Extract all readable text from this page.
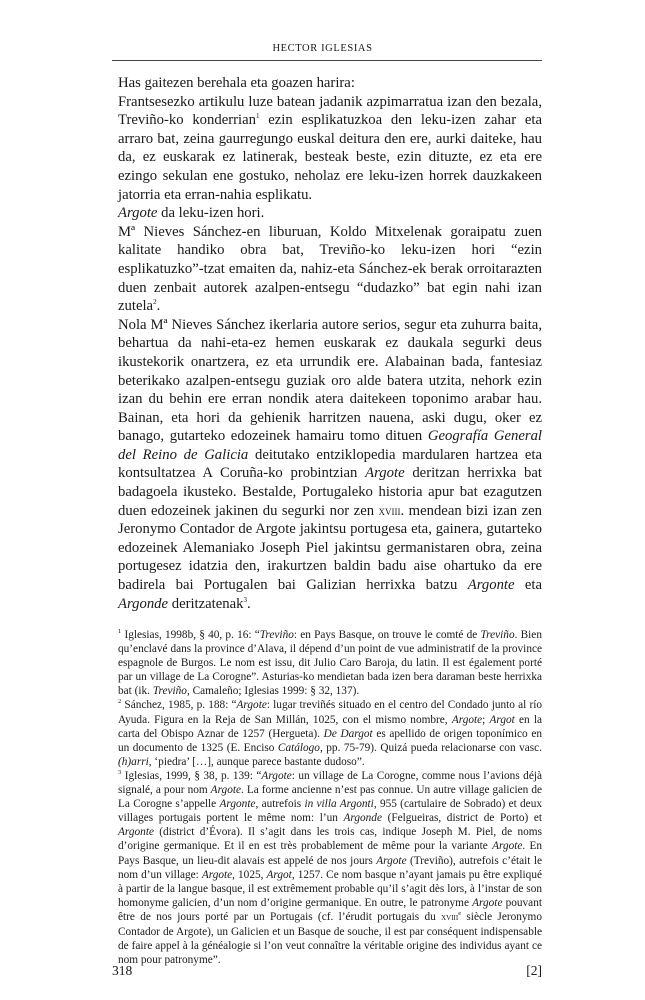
HECTOR IGLESIAS

Has gaitezen berehala eta goazen harira:

Frantsesezko artikulu luze batean jadanik azpimarratua izan den bezala, Treviño-ko konderrian$^1$ ezin esplikatuzkoa den leku-izen zahar eta arraro bat, zeina gaurregungo euskal deitura den ere, aurki daiteke, hau da, ez euskarak ez latinerak, besteak beste, ezin dituzte, ez eta ere ezingo sekulan ene gostuko, neholaz ere leku-izen horrek dauzkakeen jatorria eta erran-nahia esplikatu.

Argote da leku-izen hori.

Mª Nieves Sánchez-en liburuan, Koldo Mitxelenak goraipatu zuen kalitate handiko obra bat, Treviño-ko leku-izen hori “ezin esplikatuzko”-tzat emaiten da, nahiz-eta Sánchez-ek berak orroitarazten duen zenbait autorek azalpen-entsegu “dudazko” bat egin nahi izan zutela$^2$.

Nola Mª Nieves Sánchez ikerlaria autore serios, segur eta zuhurra baita, behartua da nahi-eta-ez hemen euskarak ez daukala segurki deus ikustekorik onartzera, ez eta urrundik ere. Alabainan bada, fantesiaz beterikako azalpen-entsegu guziak oro alde batera utzita, nehork ezin izan du behin ere erran nondik atera daitekeen toponimo arabar hau. Bainan, eta hori da gehienik harritzen nauena, aski dugu, oker ez banago, gutarteko edozeinek hamairu tomo dituen Geografía General del Reino de Galicia deitutako entziklopedia mardularen hartzea eta kontsultatzea A Coruña-ko probintzian Argote deritzan herrixka bat badagoela ikusteko. Bestalde, Portugaleko historia apur bat ezagutzen duen edozeinek jakinen du segurki nor zen xviii. mendean bizi izan zen Jeronymo Contador de Argote jakintsu portugesa eta, gainera, gutarteko edozeinek Alemaniako Joseph Piel jakintsu germanistaren obra, zeina portugesez idatzia den, irakurtzen baldin badu aise ohartuko da ere badirela bai Portugalen bai Galizian herrixka batzu Argonte eta Argonde deritzatenak$^3$.

$^1$ Iglesias, 1998b, § 40, p. 16: “Treviño: en Pays Basque, on trouve le comté de Treviño. Bien qu’enclavé dans la province d’Alava, il dépend d’un point de vue administratif de la province espagnole de Burgos. Le nom est issu, dit Julio Caro Baroja, du latin. Il est également porté par un village de La Corogne”. Asturias-ko mendietan bada izen bera daraman beste herrixka bat (ik. Treviño, Camaleño; Iglesias 1999: § 32, 137).

$^2$ Sánchez, 1985, p. 188: “Argote: lugar treviñés situado en el centro del Condado junto al río Ayuda. Figura en la Reja de San Millán, 1025, con el mismo nombre, Argote; Argot en la carta del Obispo Aznar de 1257 (Hergueta). De Dargot es apellido de origen toponímico en un documento de 1325 (E. Enciso Catálogo, pp. 75-79). Quizá pueda relacionarse con vasc. (h)arri, ‘piedra’ […], aunque parece bastante dudoso”.

$^3$ Iglesias, 1999, § 38, p. 139: “Argote: un village de La Corogne, comme nous l’avions déjà signalé, a pour nom Argote. La forme ancienne n’est pas connue. Un autre village galicien de La Corogne s’appelle Argonte, autrefois in villa Argonti, 955 (cartulaire de Sobrado) et deux villages portugais portent le même nom: l’un Argonde (Felgueiras, district de Porto) et Argonte (district d’Évora). Il s’agit dans les trois cas, indique Joseph M. Piel, de noms d’origine germanique. Et il en est très probablement de même pour la variante Argote. En Pays Basque, un lieu-dit alavais est appelé de nos jours Argote (Treviño), autrefois c’était le nom d’un village: Argote, 1025, Argot, 1257. Ce nom basque n’ayant jamais pu être expliqué à partir de la langue basque, il est extrêmement probable qu’il s’agit dès lors, à l’instar de son homonyme galicien, d’un nom d’origine germanique. En outre, le patronyme Argote pouvant être de nos jours porté par un Portugais (cf. l’érudit portugais du xviii$^e$ siècle Jeronymo Contador de Argote), un Galicien et un Basque de souche, il est par conséquent indispensable de faire appel à la généalogie si l’on veut connaître la véritable origine des individus ayant ce nom pour patronyme”.

318	[2]
